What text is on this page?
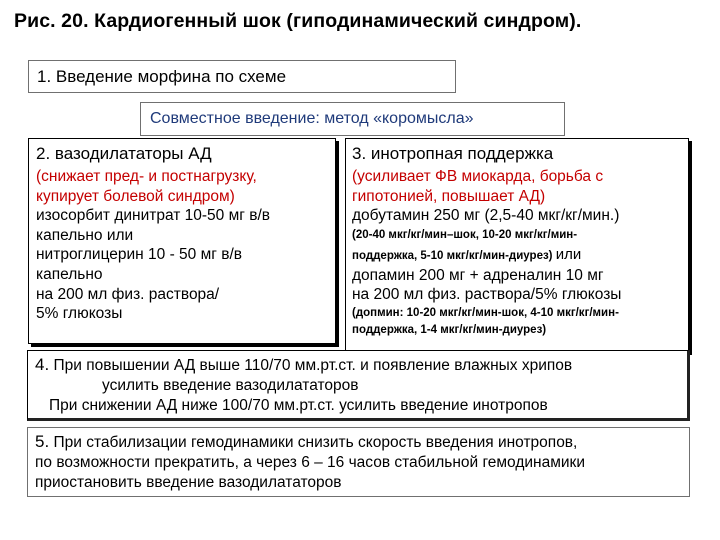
Рис. 20. Кардиогенный шок (гиподинамический синдром).
1. Введение морфина по схеме
Совместное введение: метод «коромысла»
2. вазодилататоры АД
(снижает пред- и постнагрузку,
купирует болевой синдром)
изосорбит динитрат 10-50 мг в/в
капельно или
нитроглицерин 10 - 50 мг в/в
капельно
на 200 мл физ. раствора/
5% глюкозы
3. инотропная поддержка
(усиливает ФВ миокарда, борьба с
гипотонией, повышает АД)
добутамин 250 мг (2,5-40 мкг/кг/мин.)
(20-40 мкг/кг/мин–шок, 10-20 мкг/кг/мин-
поддержка, 5-10 мкг/кг/мин-диурез) или
допамин 200 мг + адреналин 10 мг
на 200 мл физ. раствора/5% глюкозы
(допмин: 10-20 мкг/кг/мин-шок, 4-10 мкг/кг/мин-
поддержка, 1-4 мкг/кг/мин-диурез)
4. При повышении АД выше 110/70 мм.рт.ст. и появление влажных хрипов
усилить введение вазодилататоров
При снижении АД ниже 100/70 мм.рт.ст. усилить введение инотропов
5. При стабилизации гемодинамики снизить скорость введения инотропов,
по возможности прекратить, а через 6 – 16 часов стабильной гемодинамики
приостановить введение вазодилататоров
